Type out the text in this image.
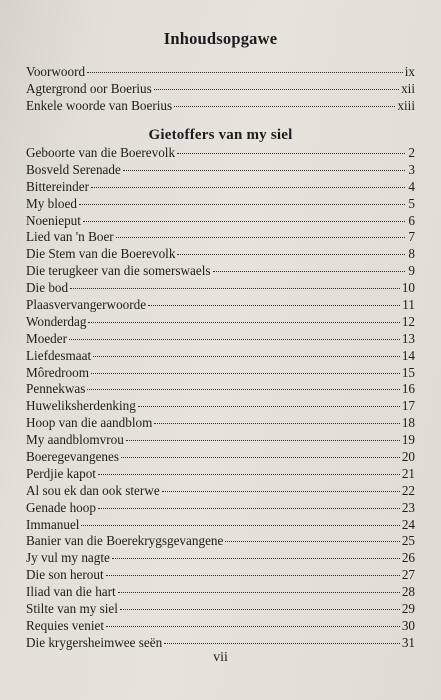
Inhoudsopgawe
Voorwoord	ix
Agtergrond oor Boerius	xii
Enkele woorde van Boerius	xiii
Gietoffers van my siel
Geboorte van die Boerevolk	2
Bosveld Serenade	3
Bittereinder	4
My bloed	5
Noenieput	6
Lied van 'n Boer	7
Die Stem van die Boerevolk	8
Die terugkeer van die somerswaels	9
Die bod	10
Plaasvervangerwoorde	11
Wonderdag	12
Moeder	13
Liefdesmaat	14
Môredroom	15
Pennekwas	16
Huweliksherdenking	17
Hoop van die aandblom	18
My aandblomvrou	19
Boeregevangenes	20
Perdjie kapot	21
Al sou ek dan ook sterwe	22
Genade hoop	23
Immanuel	24
Banier van die Boerekrygsgevangene	25
Jy vul my nagte	26
Die son herout	27
Iliad van die hart	28
Stilte van my siel	29
Requies veniet	30
Die krygersheimwee seën	31
vii
